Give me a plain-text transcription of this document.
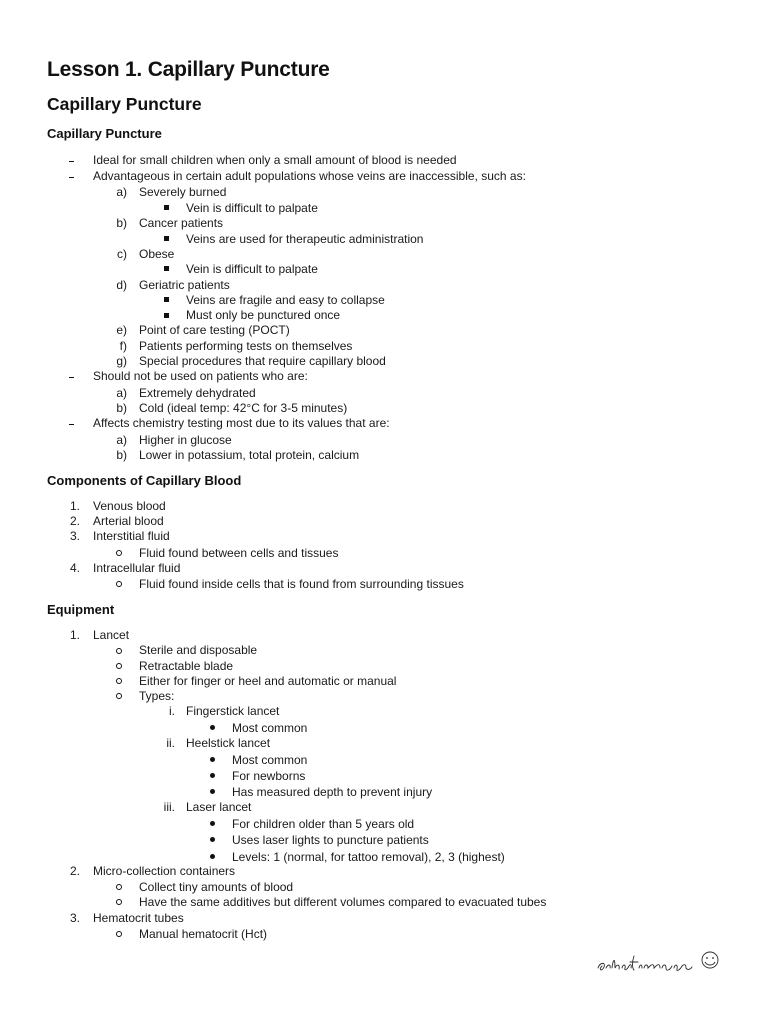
Lesson 1. Capillary Puncture
Capillary Puncture
Capillary Puncture
Ideal for small children when only a small amount of blood is needed
Advantageous in certain adult populations whose veins are inaccessible, such as:
a) Severely burned
Vein is difficult to palpate
b) Cancer patients
Veins are used for therapeutic administration
c) Obese
Vein is difficult to palpate
d) Geriatric patients
Veins are fragile and easy to collapse
Must only be punctured once
e) Point of care testing (POCT)
f) Patients performing tests on themselves
g) Special procedures that require capillary blood
Should not be used on patients who are:
a) Extremely dehydrated
b) Cold (ideal temp: 42°C for 3-5 minutes)
Affects chemistry testing most due to its values that are:
a) Higher in glucose
b) Lower in potassium, total protein, calcium
Components of Capillary Blood
1. Venous blood
2. Arterial blood
3. Interstitial fluid
Fluid found between cells and tissues
4. Intracellular fluid
Fluid found inside cells that is found from surrounding tissues
Equipment
1. Lancet
Sterile and disposable
Retractable blade
Either for finger or heel and automatic or manual
Types:
i. Fingerstick lancet
Most common
ii. Heelstick lancet
Most common
For newborns
Has measured depth to prevent injury
iii. Laser lancet
For children older than 5 years old
Uses laser lights to puncture patients
Levels: 1 (normal, for tattoo removal), 2, 3 (highest)
2. Micro-collection containers
Collect tiny amounts of blood
Have the same additives but different volumes compared to evacuated tubes
3. Hematocrit tubes
Manual hematocrit (Hct)
